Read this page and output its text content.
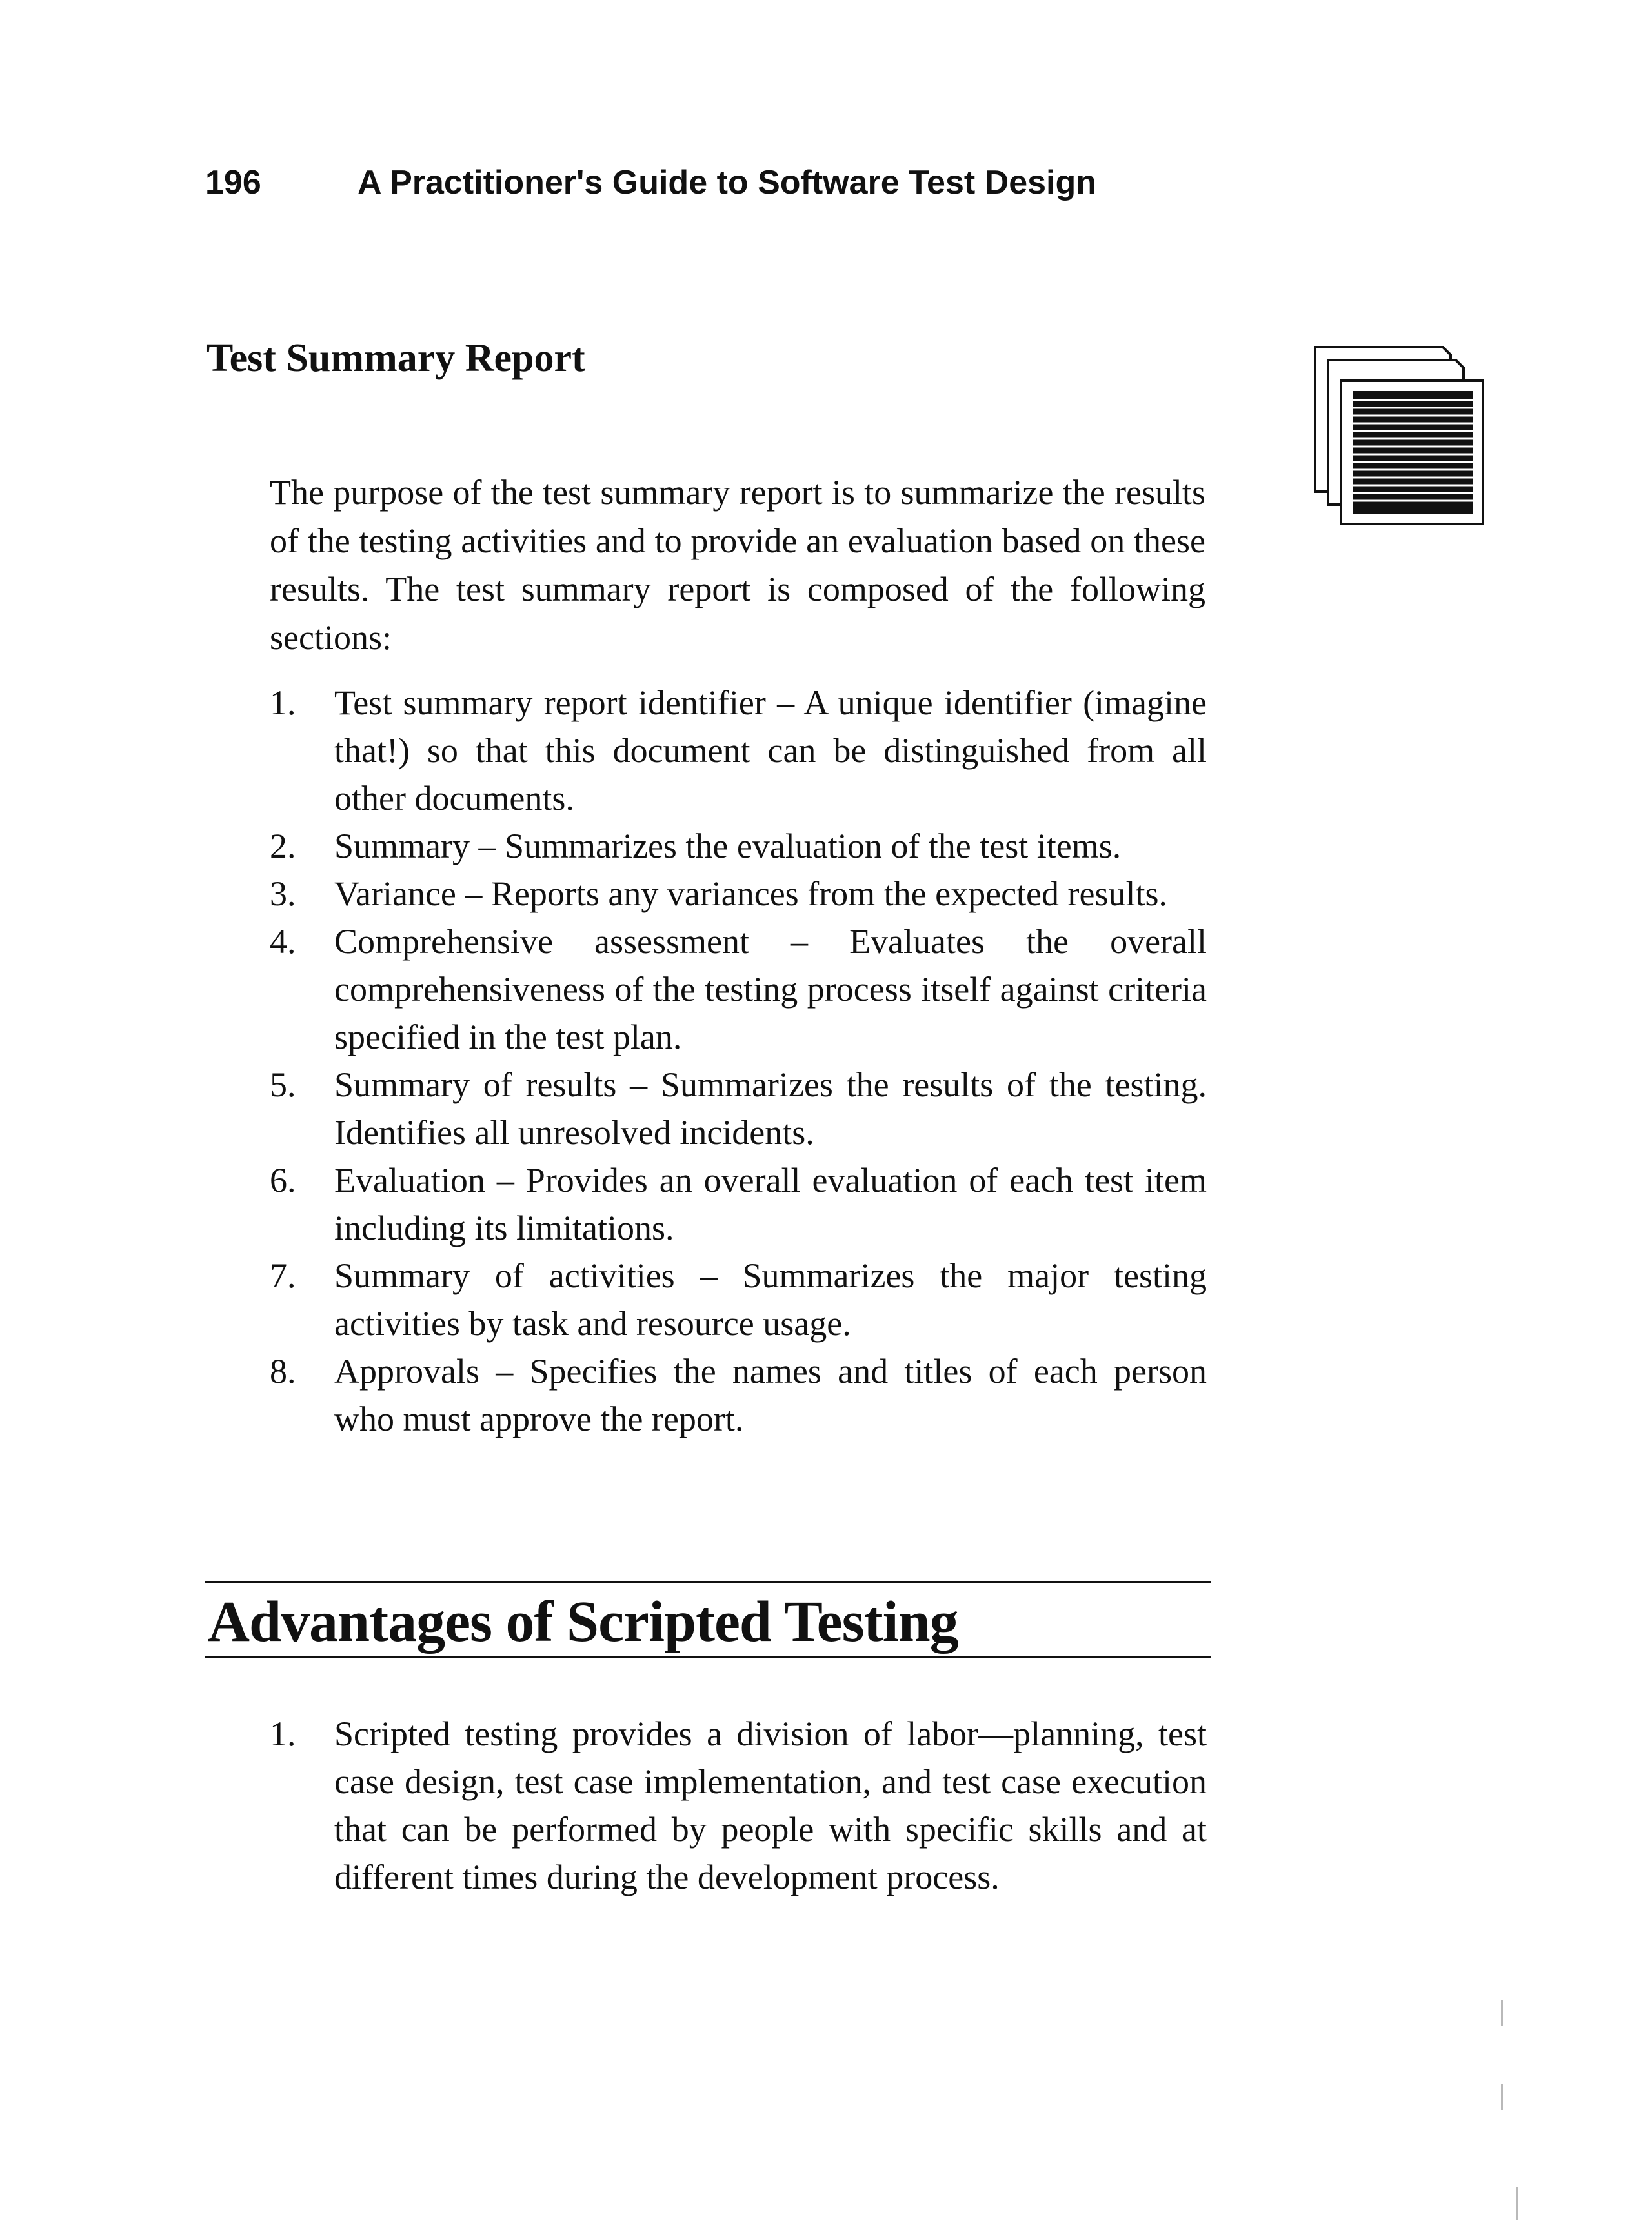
196	A Practitioner's Guide to Software Test Design
Test Summary Report

The purpose of the test summary report is to summarize the results of the testing activities and to provide an evaluation based on these results. The test summary report is composed of the following sections:

1.	Test summary report identifier – A unique identifier (imagine that!) so that this document can be distinguished from all other documents.
2.	Summary – Summarizes the evaluation of the test items.
3.	Variance – Reports any variances from the expected results.
4.	Comprehensive assessment – Evaluates the overall comprehensiveness of the testing process itself against criteria specified in the test plan.
5.	Summary of results – Summarizes the results of the testing. Identifies all unresolved incidents.
6.	Evaluation – Provides an overall evaluation of each test item including its limitations.
7.	Summary of activities – Summarizes the major testing activities by task and resource usage.
8.	Approvals – Specifies the names and titles of each person who must approve the report.
Advantages of Scripted Testing
1.	Scripted testing provides a division of labor—planning, test case design, test case implementation, and test case execution that can be performed by people with specific skills and at different times during the development process.
